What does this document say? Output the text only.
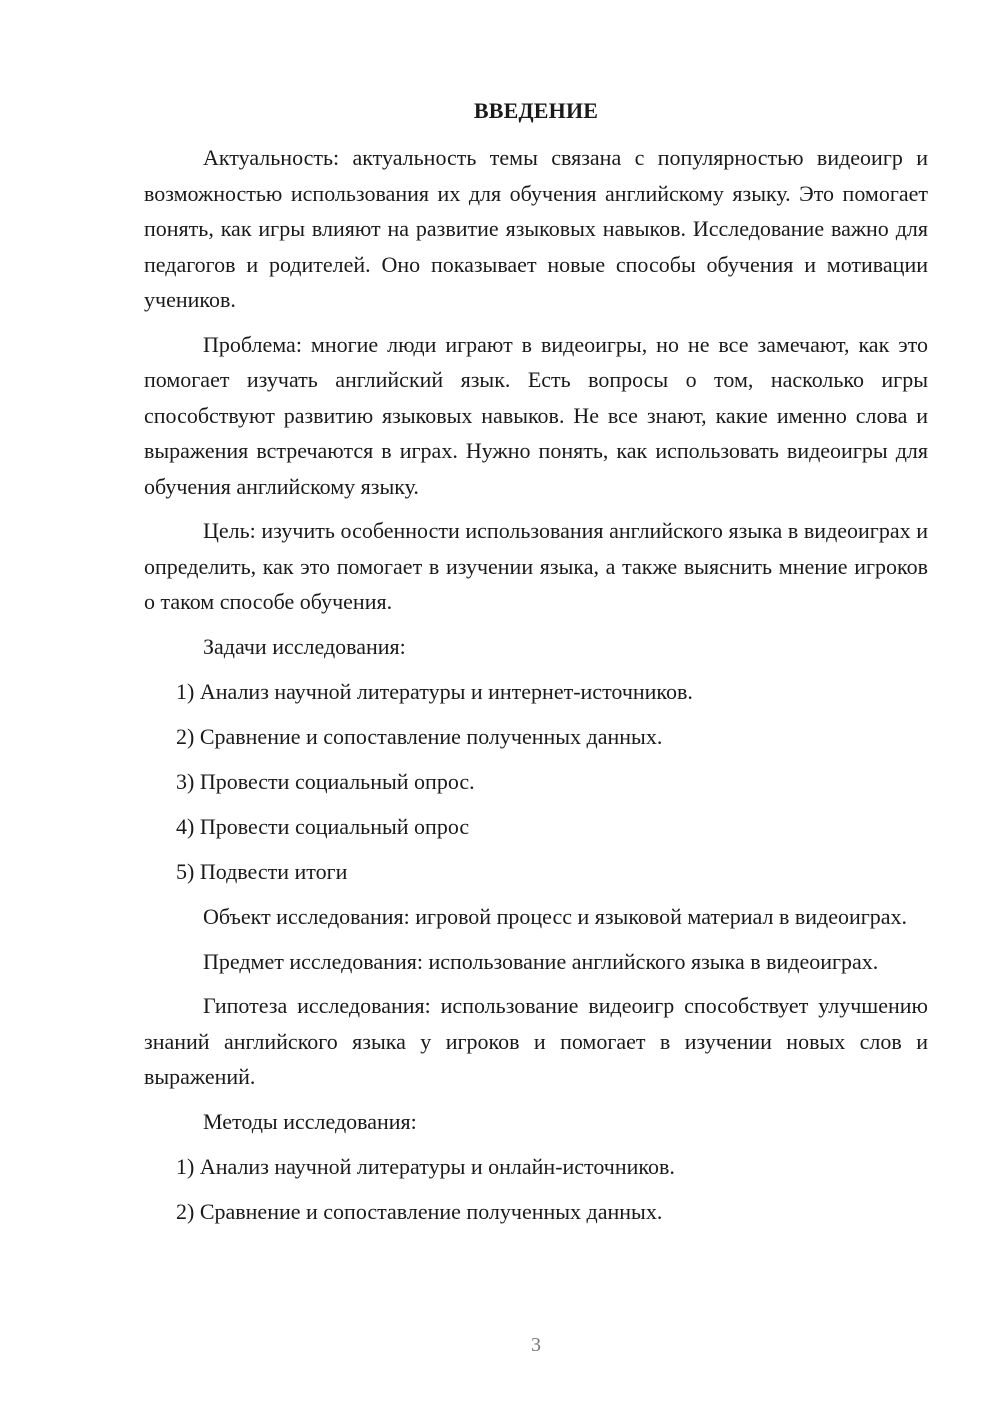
ВВЕДЕНИЕ

Актуальность: актуальность темы связана с популярностью видеоигр и возможностью использования их для обучения английскому языку. Это помогает понять, как игры влияют на развитие языковых навыков. Исследование важно для педагогов и родителей. Оно показывает новые способы обучения и мотивации учеников.

Проблема: многие люди играют в видеоигры, но не все замечают, как это помогает изучать английский язык. Есть вопросы о том, насколько игры способствуют развитию языковых навыков. Не все знают, какие именно слова и выражения встречаются в играх. Нужно понять, как использовать видеоигры для обучения английскому языку.

Цель: изучить особенности использования английского языка в видеоиграх и определить, как это помогает в изучении языка, а также выяснить мнение игроков о таком способе обучения.

Задачи исследования:
1) Анализ научной литературы и интернет-источников.
2) Сравнение и сопоставление полученных данных.
3) Провести социальный опрос.
4) Провести социальный опрос
5) Подвести итоги

Объект исследования: игровой процесс и языковой материал в видеоиграх.

Предмет исследования: использование английского языка в видеоиграх.

Гипотеза исследования: использование видеоигр способствует улучшению знаний английского языка у игроков и помогает в изучении новых слов и выражений.

Методы исследования:
1) Анализ научной литературы и онлайн-источников.
2) Сравнение и сопоставление полученных данных.
3
